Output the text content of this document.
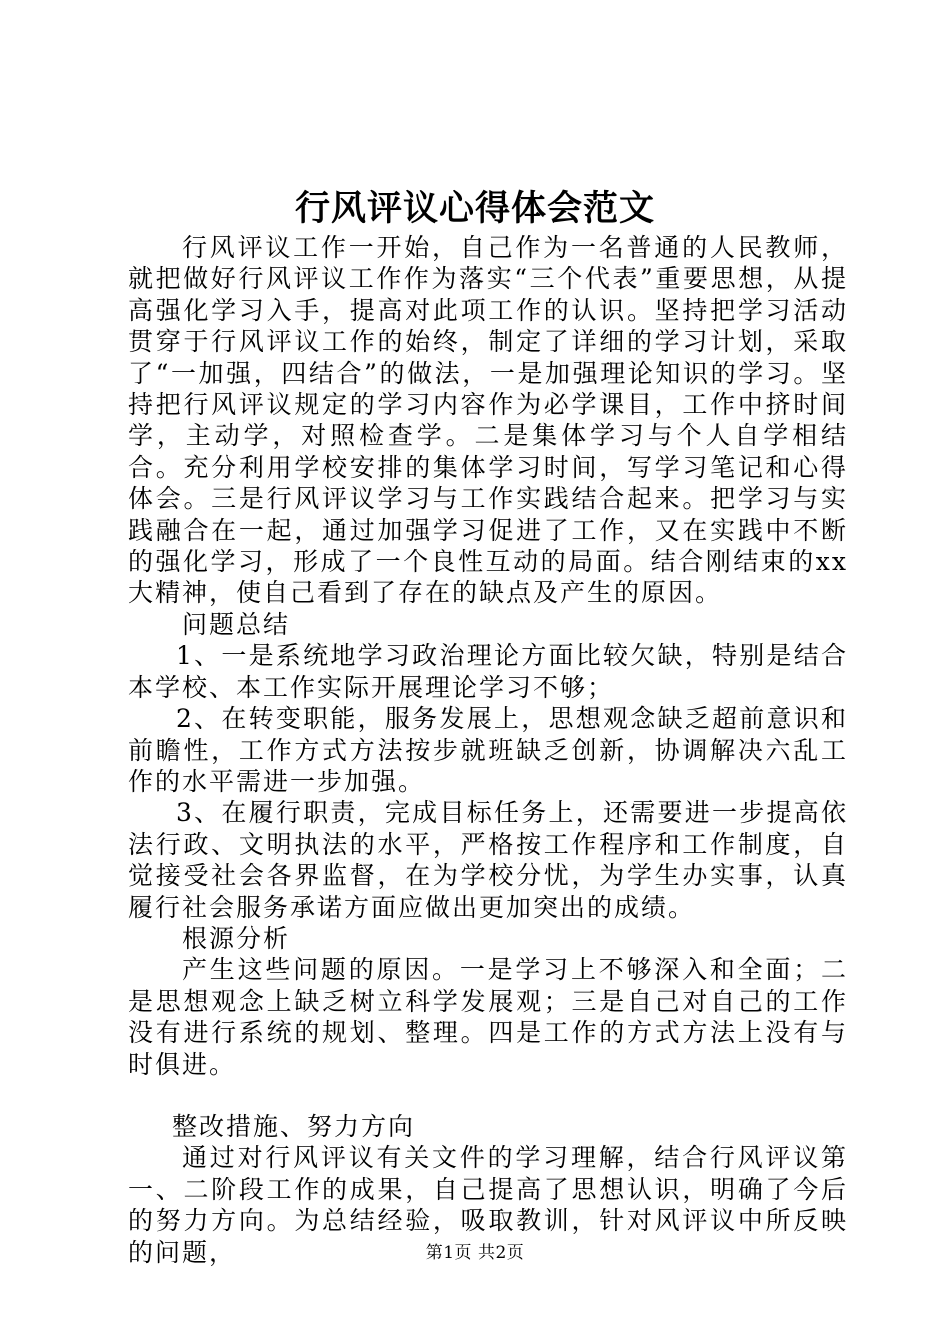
行风评议心得体会范文

行风评议工作一开始，自己作为一名普通的人民教师，就把做好行风评议工作作为落实“三个代表”重要思想，从提高强化学习入手，提高对此项工作的认识。坚持把学习活动贯穿于行风评议工作的始终，制定了详细的学习计划，采取了“一加强，四结合”的做法，一是加强理论知识的学习。坚持把行风评议规定的学习内容作为必学课目，工作中挤时间学，主动学，对照检查学。二是集体学习与个人自学相结合。充分利用学校安排的集体学习时间，写学习笔记和心得体会。三是行风评议学习与工作实践结合起来。把学习与实践融合在一起，通过加强学习促进了工作，又在实践中不断的强化学习，形成了一个良性互动的局面。结合刚结束的xx大精神，使自己看到了存在的缺点及产生的原因。

问题总结

1、一是系统地学习政治理论方面比较欠缺，特别是结合本学校、本工作实际开展理论学习不够；

2、在转变职能，服务发展上，思想观念缺乏超前意识和前瞻性，工作方式方法按步就班缺乏创新，协调解决六乱工作的水平需进一步加强。

3、在履行职责，完成目标任务上，还需要进一步提高依法行政、文明执法的水平，严格按工作程序和工作制度，自觉接受社会各界监督，在为学校分忧，为学生办实事，认真履行社会服务承诺方面应做出更加突出的成绩。

根源分析

产生这些问题的原因。一是学习上不够深入和全面；二是思想观念上缺乏树立科学发展观；三是自己对自己的工作没有进行系统的规划、整理。四是工作的方式方法上没有与时俱进。

整改措施、努力方向

通过对行风评议有关文件的学习理解，结合行风评议第一、二阶段工作的成果，自己提高了思想认识，明确了今后的努力方向。为总结经验，吸取教训，针对风评议中所反映的问题，	第1页 共2页
